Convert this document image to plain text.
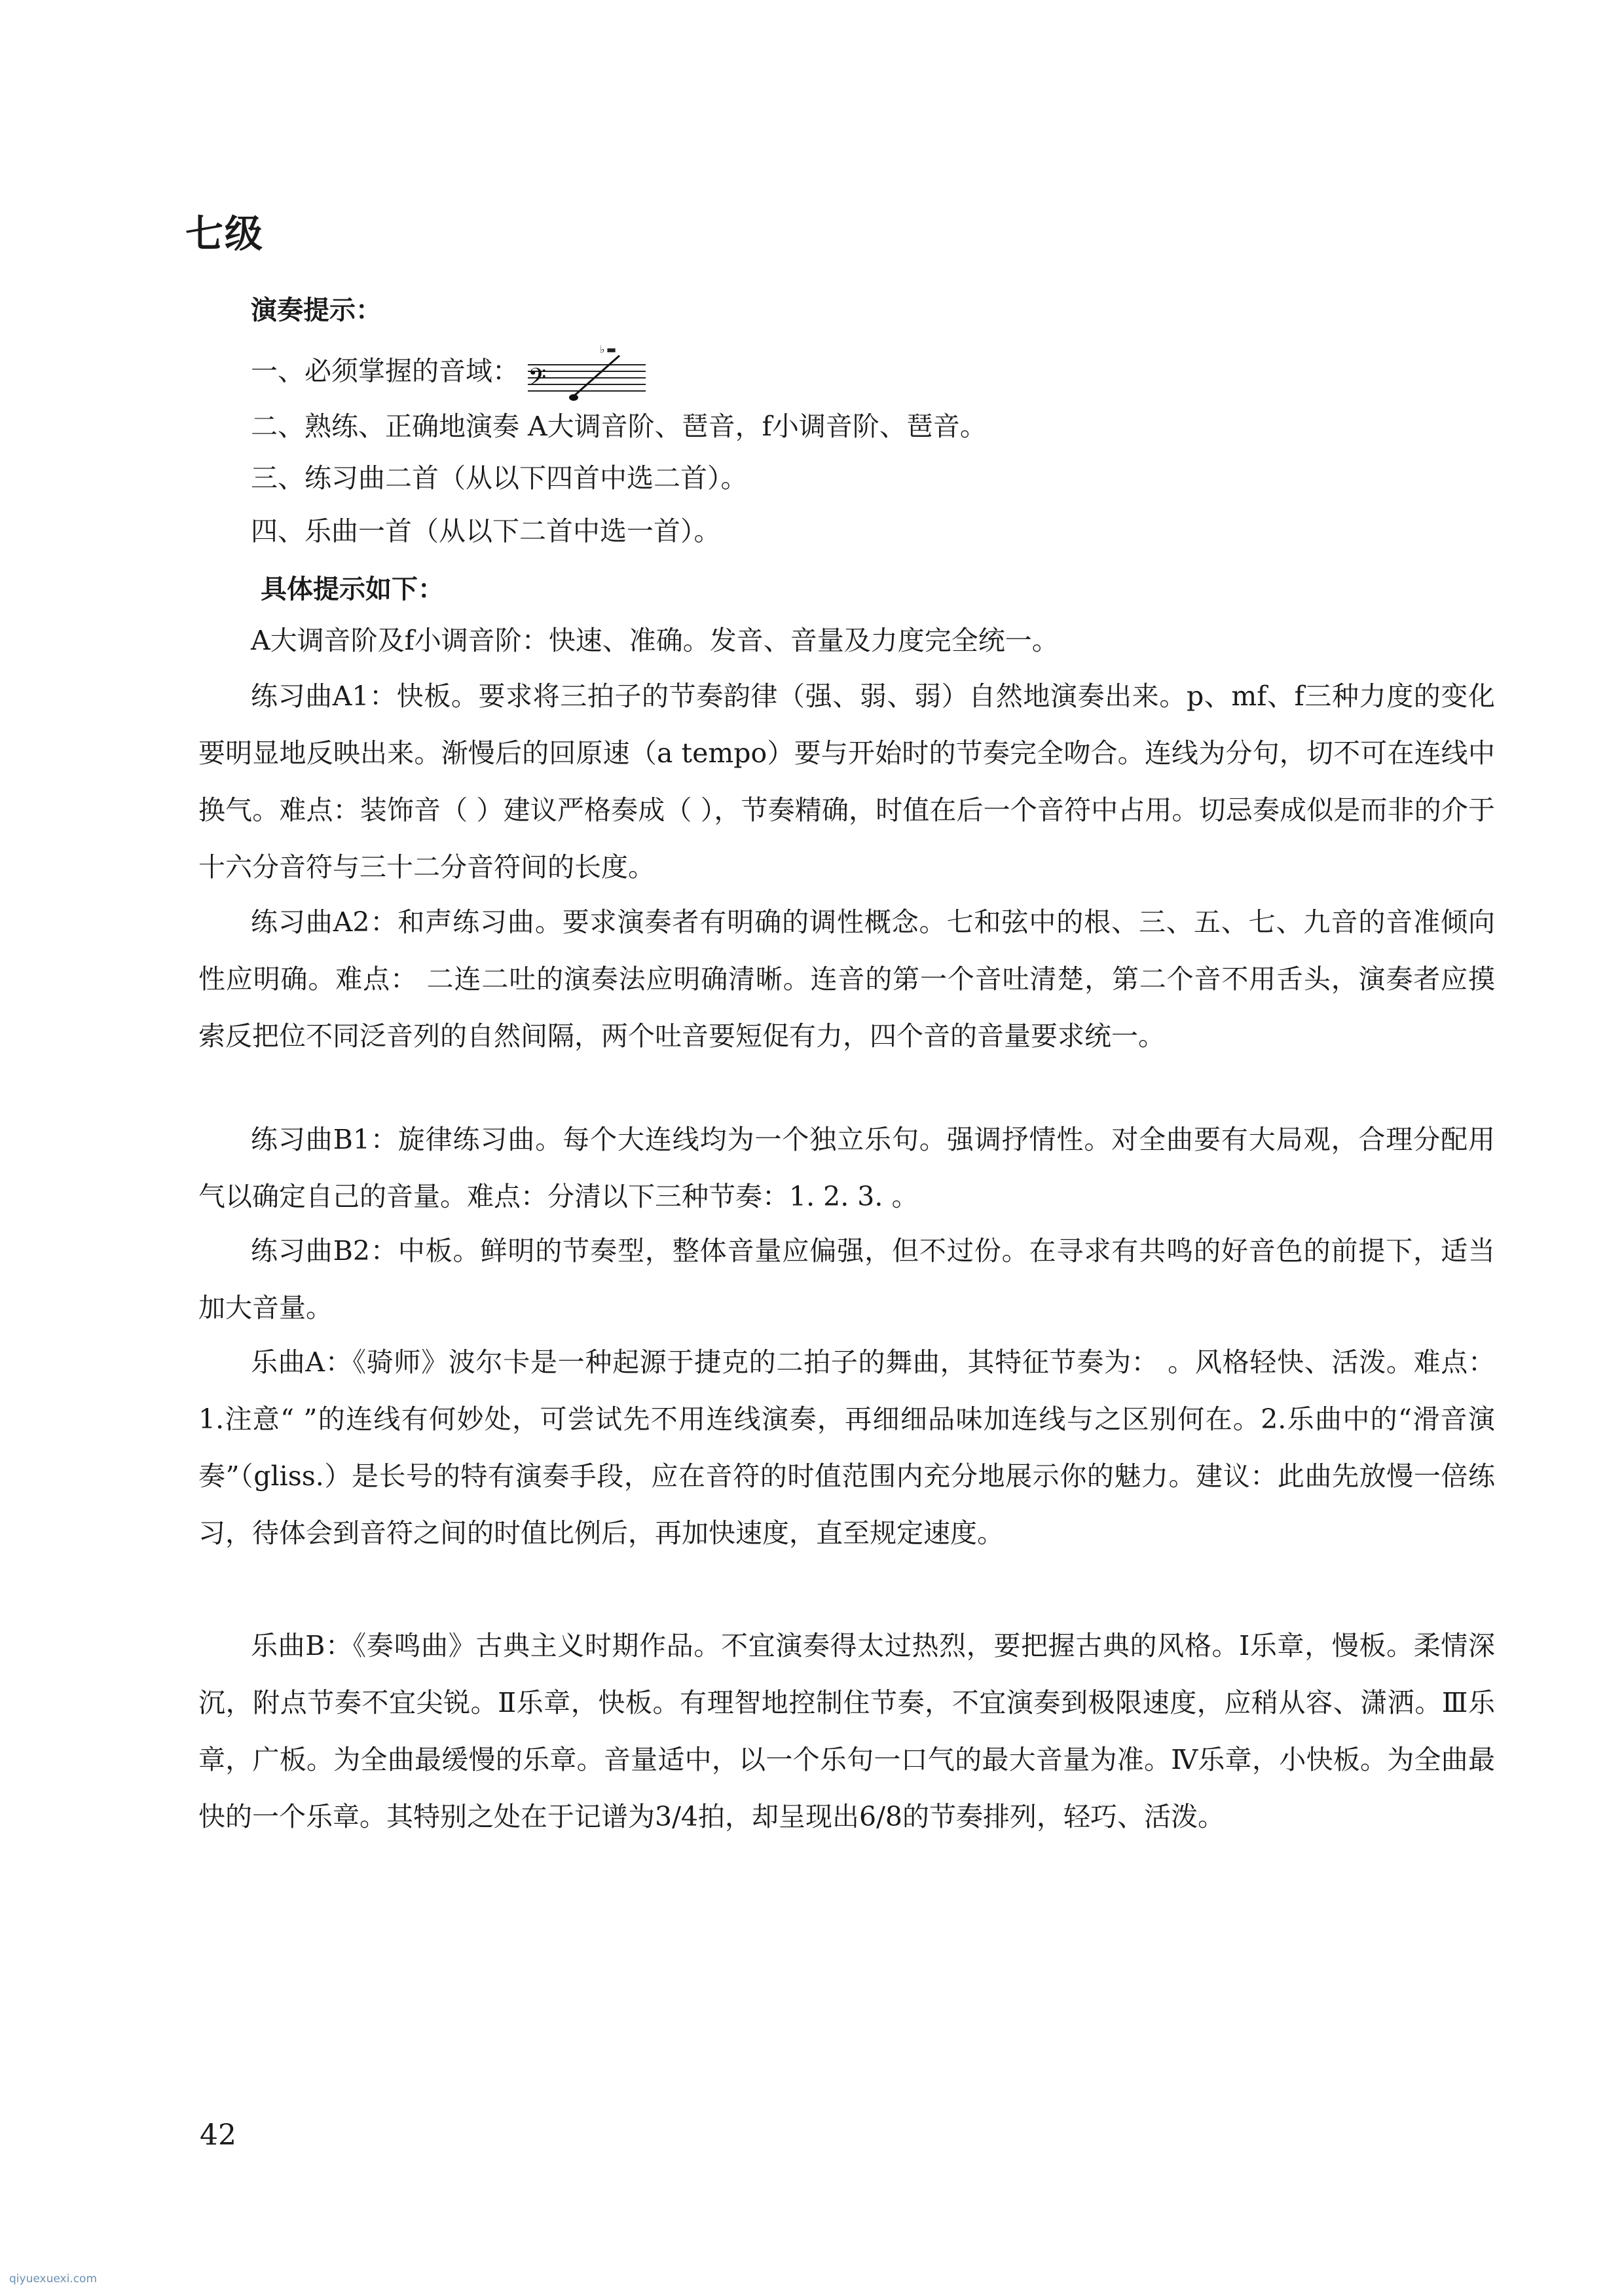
七级
演奏提示：
一、必须掌握的音域：
♭ ▬
𝄢
二、熟练、正确地演奏 A大调音阶、琶音，f小调音阶、琶音。
三、练习曲二首（从以下四首中选二首）。
四、乐曲一首（从以下二首中选一首）。
具体提示如下：

A大调音阶及f小调音阶：快速、准确。发音、音量及力度完全统一。

练习曲A1：快板。要求将三拍子的节奏韵律（强、弱、弱）自然地演奏出来。p、mf、f三种力度的变化要明显地反映出来。渐慢后的回原速（a tempo）要与开始时的节奏完全吻合。连线为分句，切不可在连线中换气。难点：装饰音（ ）建议严格奏成（ ），节奏精确，时值在后一个音符中占用。切忌奏成似是而非的介于十六分音符与三十二分音符间的长度。

练习曲A2：和声练习曲。要求演奏者有明确的调性概念。七和弦中的根、三、五、七、九音的音准倾向性应明确。难点： 二连二吐的演奏法应明确清晰。连音的第一个音吐清楚，第二个音不用舌头，演奏者应摸索反把位不同泛音列的自然间隔，两个吐音要短促有力，四个音的音量要求统一。

练习曲B1：旋律练习曲。每个大连线均为一个独立乐句。强调抒情性。对全曲要有大局观，合理分配用气以确定自己的音量。难点：分清以下三种节奏：1. 2. 3. 。

练习曲B2：中板。鲜明的节奏型，整体音量应偏强，但不过份。在寻求有共鸣的好音色的前提下，适当加大音量。

乐曲A：《骑师》波尔卡是一种起源于捷克的二拍子的舞曲，其特征节奏为： 。风格轻快、活泼。难点：1.注意“ ”的连线有何妙处，可尝试先不用连线演奏，再细细品味加连线与之区别何在。2.乐曲中的“滑音演奏”（gliss.）是长号的特有演奏手段，应在音符的时值范围内充分地展示你的魅力。建议：此曲先放慢一倍练习，待体会到音符之间的时值比例后，再加快速度，直至规定速度。

乐曲B：《奏鸣曲》古典主义时期作品。不宜演奏得太过热烈，要把握古典的风格。Ⅰ乐章，慢板。柔情深沉，附点节奏不宜尖锐。Ⅱ乐章，快板。有理智地控制住节奏，不宜演奏到极限速度，应稍从容、潇洒。Ⅲ乐章，广板。为全曲最缓慢的乐章。音量适中，以一个乐句一口气的最大音量为准。Ⅳ乐章，小快板。为全曲最快的一个乐章。其特别之处在于记谱为3/4拍，却呈现出6/8的节奏排列，轻巧、活泼。

42
qiyuexuexi.com
